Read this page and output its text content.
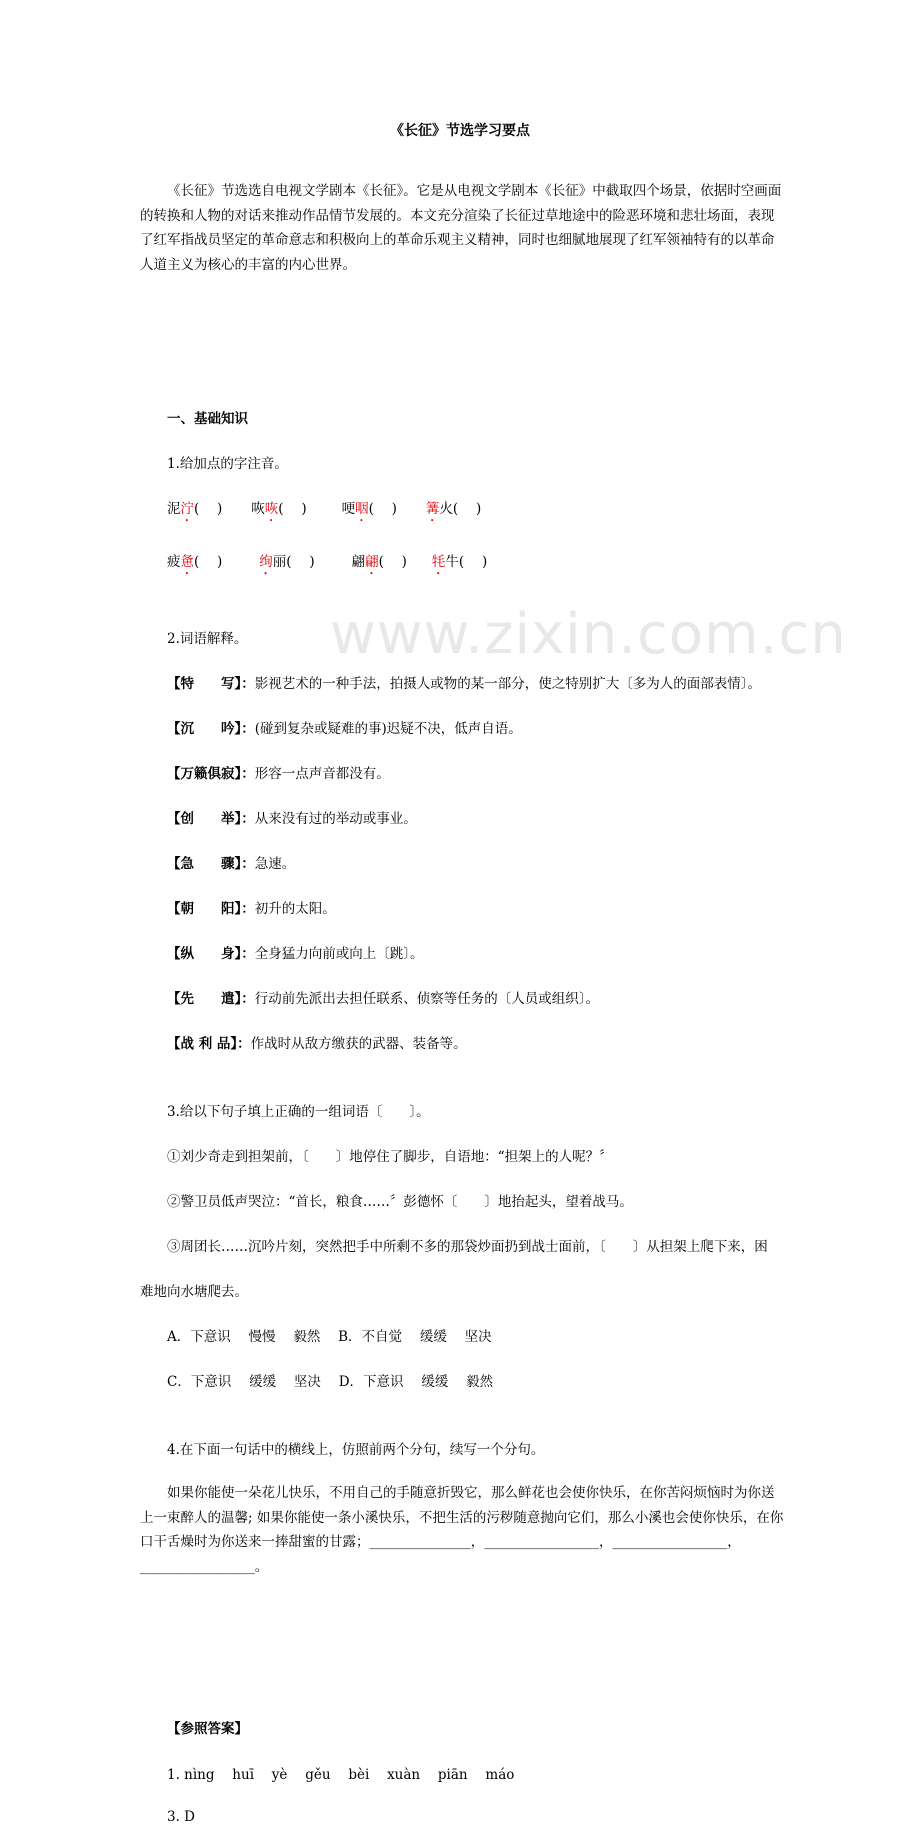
www.zixin.com.cn
《长征》节选学习要点
《长征》节选选自电视文学剧本《长征》。它是从电视文学剧本《长征》中截取四个场景，依据时空画面的转换和人物的对话来推动作品情节发展的。本文充分渲染了长征过草地途中的险恶环境和悲壮场面，表现了红军指战员坚定的革命意志和积极向上的革命乐观主义精神，同时也细腻地展现了红军领袖特有的以革命人道主义为核心的丰富的内心世界。
一、基础知识
1.给加点的字注音。
泥泞(　 ) 咴咴(　 )	哽咽(　 ) 篝火(　 )
疲惫(　 )	绚丽(　 )	翩翩(　 ) 牦牛(　 )
2.词语解释。
【特　　写】：影视艺术的一种手法，拍摄人或物的某一部分，使之特别扩大〔多为人的面部表情〕。
【沉　　吟】：(碰到复杂或疑难的事)迟疑不决，低声自语。
【万籁俱寂】：形容一点声音都没有。
【创　　举】：从来没有过的举动或事业。
【急　　骤】：急速。
【朝　　阳】：初升的太阳。
【纵　　身】：全身猛力向前或向上〔跳〕。
【先　　遣】：行动前先派出去担任联系、侦察等任务的〔人员或组织〕。
【战 利 品】：作战时从敌方缴获的武器、装备等。
3.给以下句子填上正确的一组词语〔　　〕。
①刘少奇走到担架前，〔　　〕地停住了脚步，自语地：“担架上的人呢？〞
②警卫员低声哭泣：“首长，粮食……〞彭德怀〔　　〕地抬起头，望着战马。
③周团长……沉吟片刻，突然把手中所剩不多的那袋炒面扔到战士面前，〔　　〕从担架上爬下来，困
难地向水塘爬去。
A．下意识　 慢慢　 毅然　 B．不自觉　 缓缓　 坚决
C．下意识　 缓缓　 坚决　 D．下意识　 缓缓　 毅然
4.在下面一句话中的横线上，仿照前两个分句，续写一个分句。
如果你能使一朵花儿快乐，不用自己的手随意折毁它，那么鲜花也会使你快乐，在你苦闷烦恼时为你送上一束醉人的温馨; 如果你能使一条小溪快乐，不把生活的污秽随意抛向它们，那么小溪也会使你快乐，在你口干舌燥时为你送来一捧甜蜜的甘露；_______________，_________________，_________________，_________________。
【参照答案】
1. nìng　 huī　 yè　 gěu　 bèi　 xuàn　 piān　 máo
3. D
